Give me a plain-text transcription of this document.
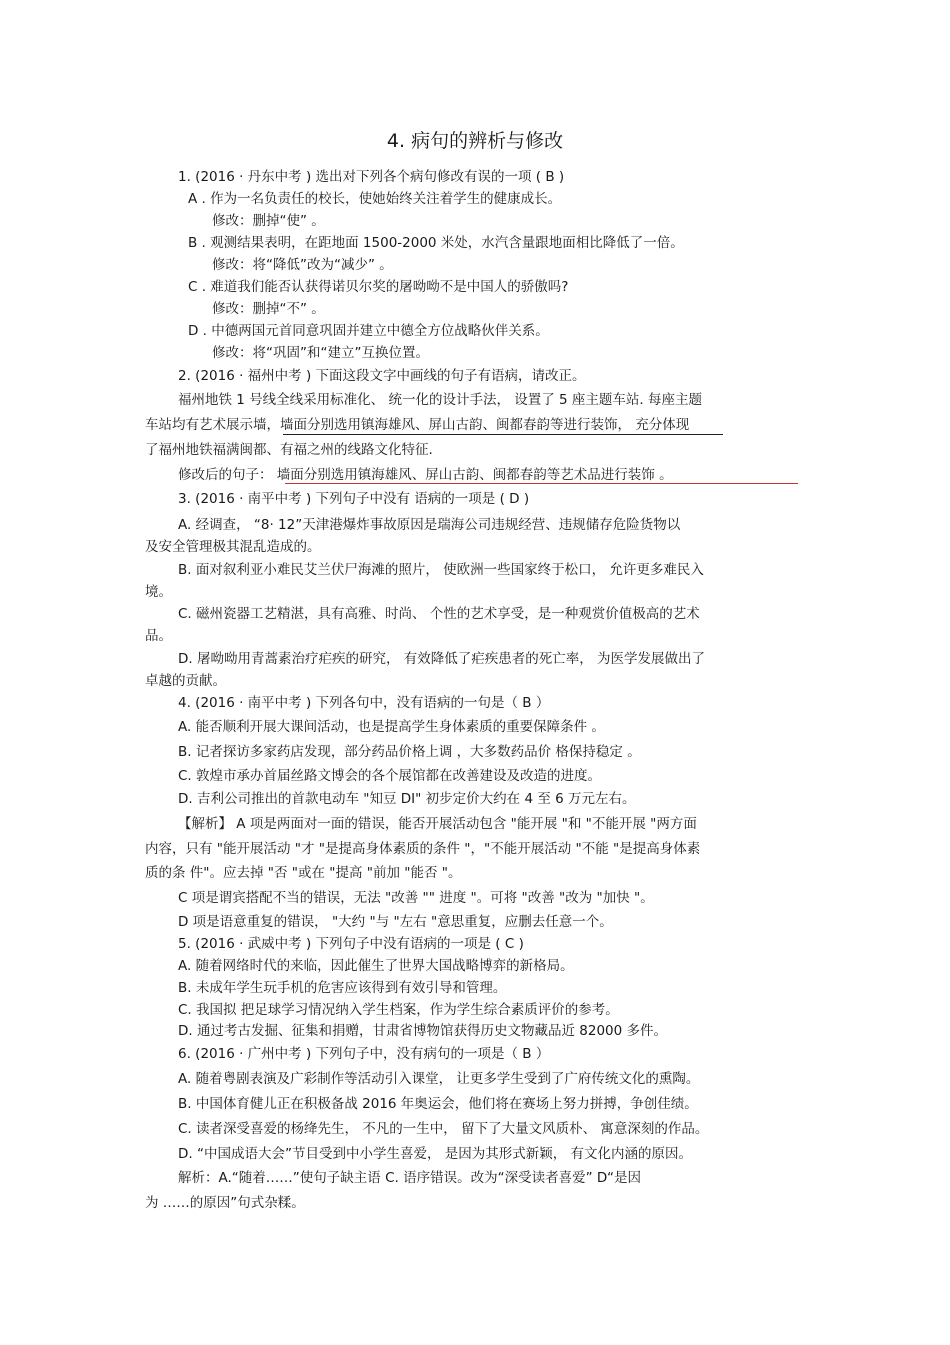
4. 病句的辨析与修改
1. (2016 · 丹东中考 ) 选出对下列各个病句修改有误的一项 ( B )
A . 作为一名负责任的校长，使她始终关注着学生的健康成长。
修改：删掉“使” 。
B . 观测结果表明，在距地面 1500-2000 米处，水汽含量跟地面相比降低了一倍。
修改：将“降低”改为“减少” 。
C . 难道我们能否认获得诺贝尔奖的屠呦呦不是中国人的骄傲吗?
修改：删掉“不” 。
D . 中德两国元首同意巩固并建立中德全方位战略伙伴关系。
修改：将“巩固”和“建立”互换位置。
2. (2016 · 福州中考 ) 下面这段文字中画线的句子有语病，请改正。
福州地铁 1 号线全线采用标准化、 统一化的设计手法， 设置了 5 座主题车站. 每座主题
车站均有艺术展示墙，墙面分别选用镇海雄风、屏山古韵、闽都春韵等进行装饰， 充分体现
了福州地铁福满闽都、有福之州的线路文化特征.
修改后的句子： 墙面分别选用镇海雄风、屏山古韵、闽都春韵等艺术品进行装饰 。
3. (2016 · 南平中考 ) 下列句子中没有 语病的一项是 ( D )
A. 经调查， “8· 12”天津港爆炸事故原因是瑞海公司违规经营、违规储存危险货物以
及安全管理极其混乱造成的。
B. 面对叙利亚小难民艾兰伏尸海滩的照片， 使欧洲一些国家终于松口， 允许更多难民入
境。
C. 磁州瓷器工艺精湛，具有高雅、时尚、 个性的艺术享受，是一种观赏价值极高的艺术
品。
D. 屠呦呦用青蒿素治疗疟疾的研究， 有效降低了疟疾患者的死亡率， 为医学发展做出了
卓越的贡献。
4. (2016 · 南平中考 ) 下列各句中，没有语病的一句是（ B ）
A. 能否顺利开展大课间活动，也是提高学生身体素质的重要保障条件 。
B. 记者探访多家药店发现，部分药品价格上调 ，大多数药品价 格保持稳定 。
C. 敦煌市承办首届丝路文博会的各个展馆都在改善建设及改造的进度。
D. 吉利公司推出的首款电动车 "知豆 DI" 初步定价大约在 4 至 6 万元左右。
【解析】 A 项是两面对一面的错误，能否开展活动包含 "能开展 "和 "不能开展 "两方面
内容，只有 "能开展活动 "才 "是提高身体素质的条件 "，"不能开展活动 "不能 "是提高身体素
质的条 件"。应去掉 "否 "或在 "提高 "前加 "能否 "。
C 项是谓宾搭配不当的错误，无法 "改善 "" 进度 "。可将 "改善 "改为 "加快 "。
D 项是语意重复的错误， "大约 "与 "左右 "意思重复，应删去任意一个。
5. (2016 · 武威中考 ) 下列句子中没有语病的一项是 ( C )
A. 随着网络时代的来临，因此催生了世界大国战略博弈的新格局。
B. 未成年学生玩手机的危害应该得到有效引导和管理。
C. 我国拟 把足球学习情况纳入学生档案，作为学生综合素质评价的参考。
D. 通过考古发掘、征集和捐赠，甘肃省博物馆获得历史文物藏品近 82000 多件。
6. (2016 · 广州中考 ) 下列句子中，没有病句的一项是（ B ）
A. 随着粤剧表演及广彩制作等活动引入课堂， 让更多学生受到了广府传统文化的熏陶。
B. 中国体育健儿正在积极备战 2016 年奥运会，他们将在赛场上努力拼搏，争创佳绩。
C. 读者深受喜爱的杨绛先生， 不凡的一生中， 留下了大量文风质朴、 寓意深刻的作品。
D. “中国成语大会”节目受到中小学生喜爱， 是因为其形式新颖， 有文化内涵的原因。
解析：A.“随着……”使句子缺主语 C. 语序错误。改为“深受读者喜爱” D“是因
为 ……的原因”句式杂糅。
